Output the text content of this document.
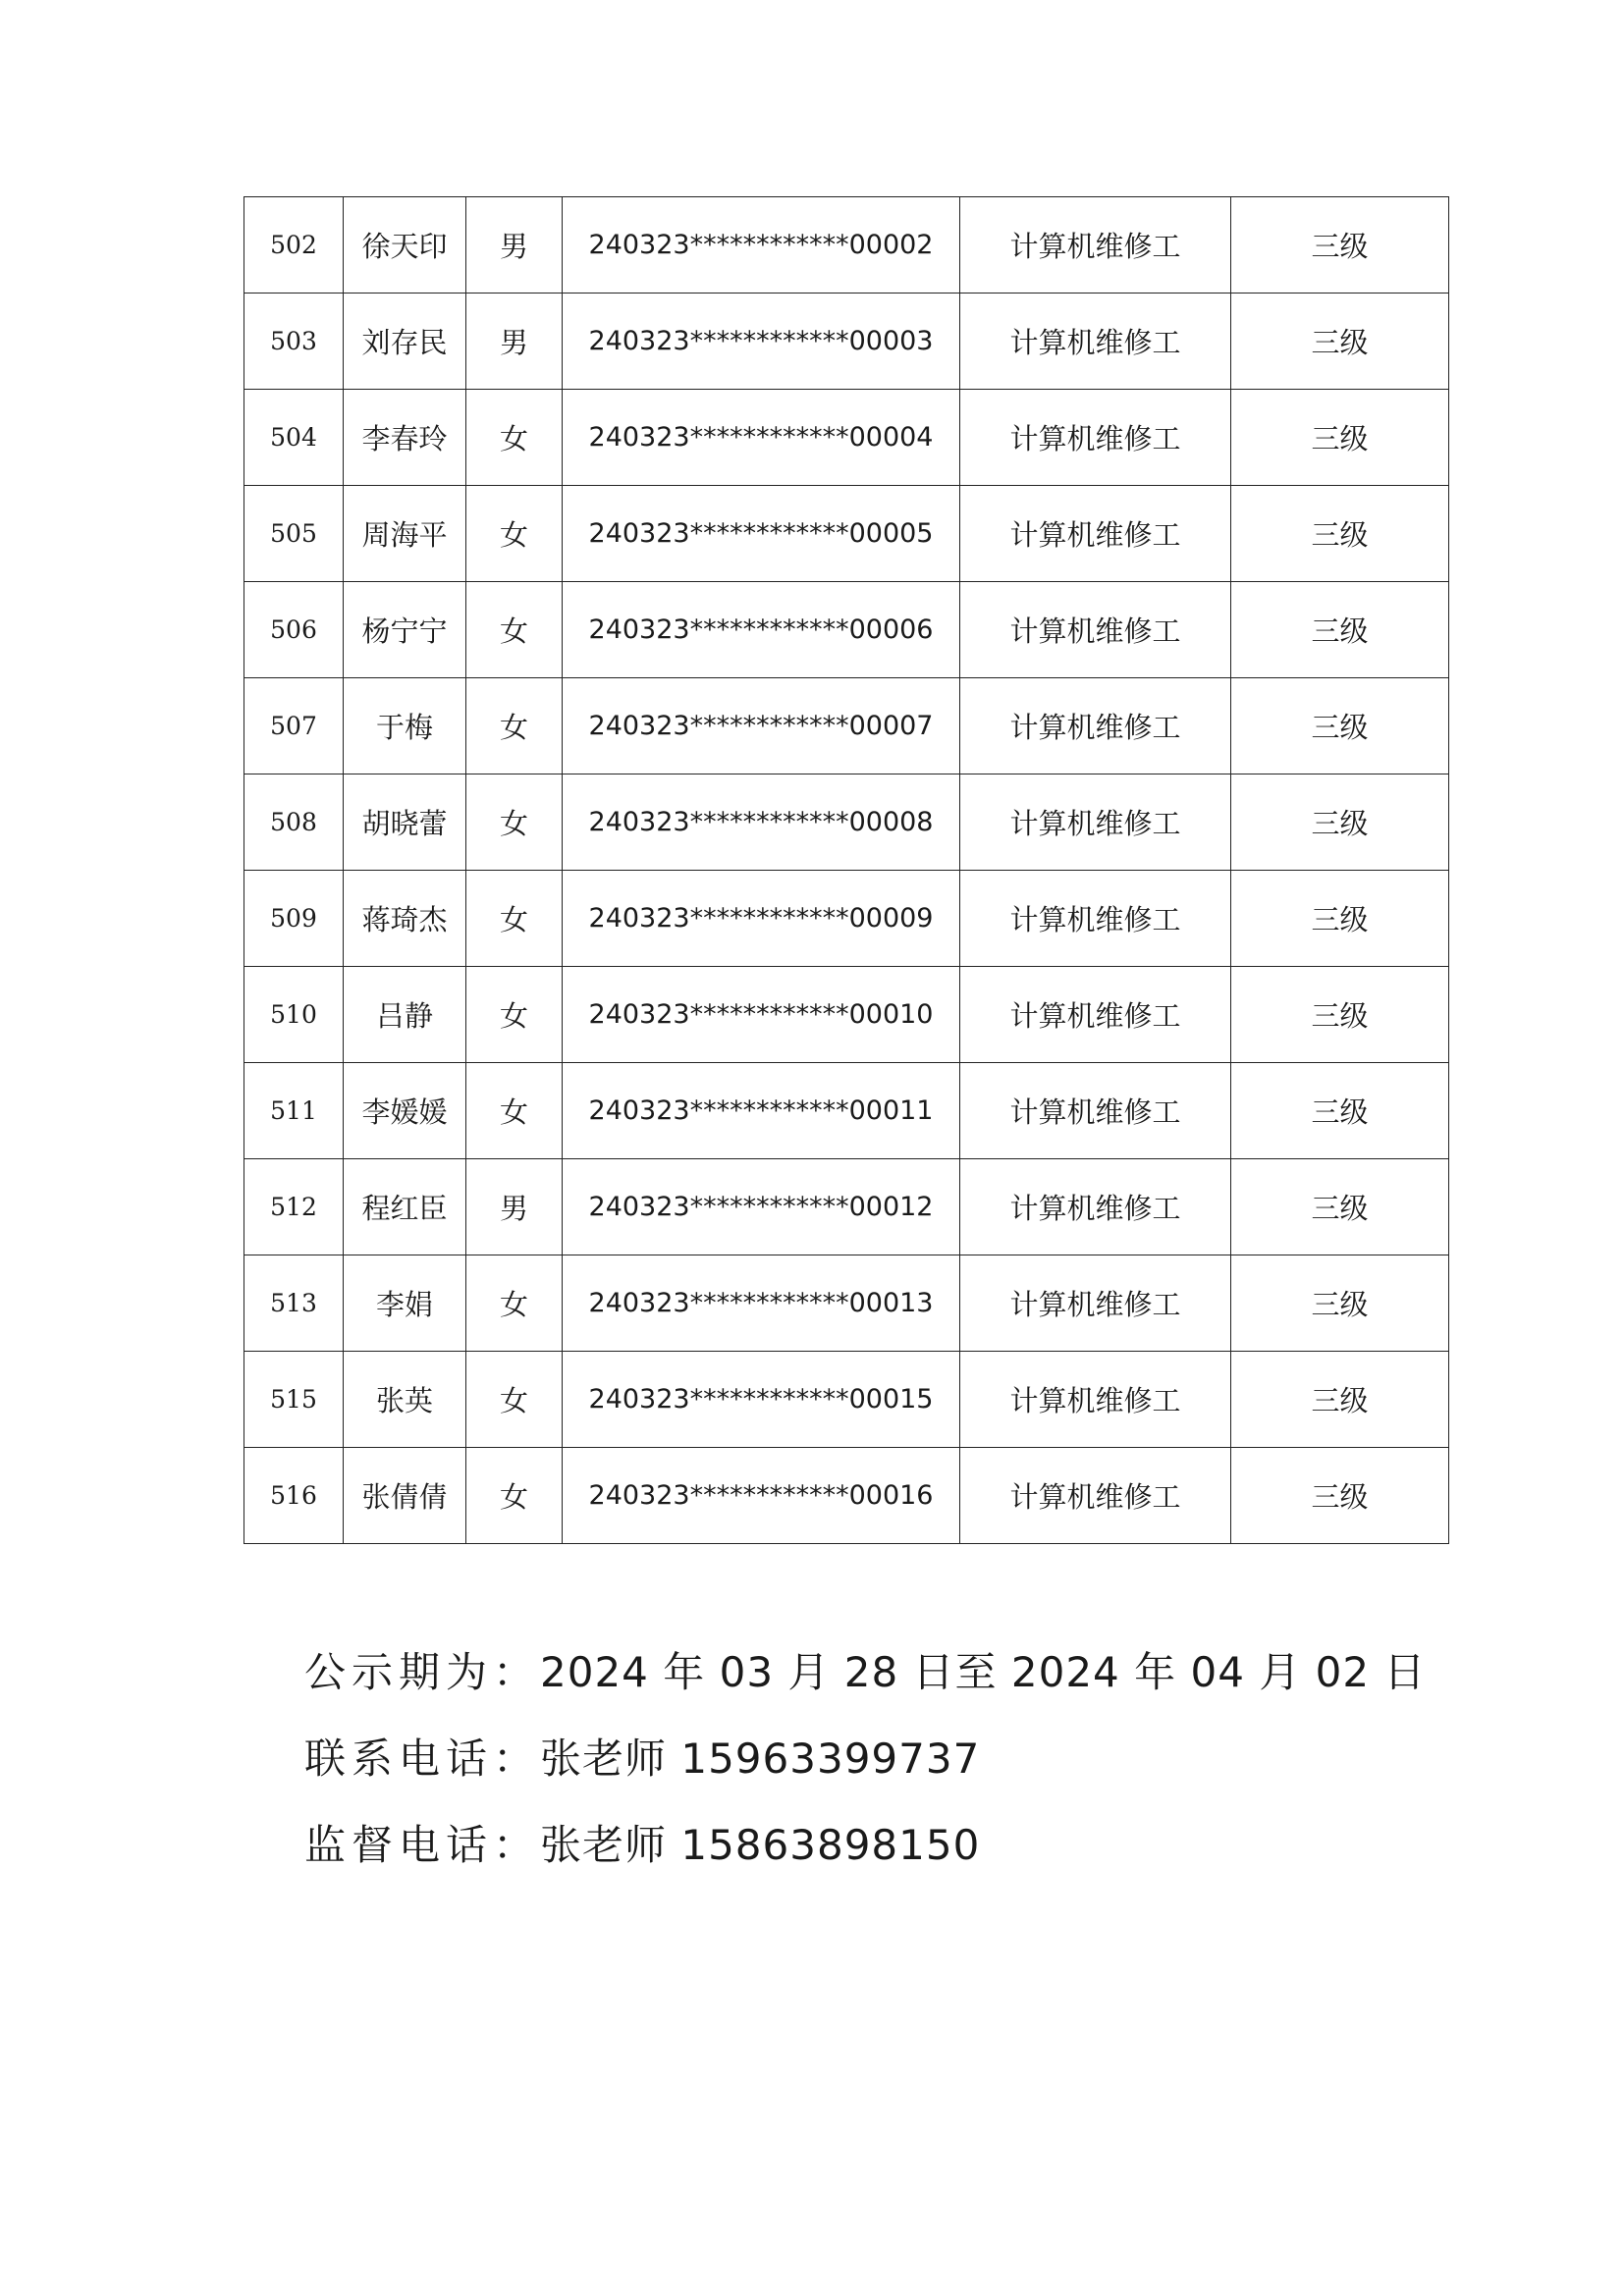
502	徐天印	男	240323************00002	计算机维修工	三级
503	刘存民	男	240323************00003	计算机维修工	三级
504	李春玲	女	240323************00004	计算机维修工	三级
505	周海平	女	240323************00005	计算机维修工	三级
506	杨宁宁	女	240323************00006	计算机维修工	三级
507	于梅	女	240323************00007	计算机维修工	三级
508	胡晓蕾	女	240323************00008	计算机维修工	三级
509	蒋琦杰	女	240323************00009	计算机维修工	三级
510	吕静	女	240323************00010	计算机维修工	三级
511	李媛媛	女	240323************00011	计算机维修工	三级
512	程红臣	男	240323************00012	计算机维修工	三级
513	李娟	女	240323************00013	计算机维修工	三级
515	张英	女	240323************00015	计算机维修工	三级
516	张倩倩	女	240323************00016	计算机维修工	三级
公示期为：2024 年 03 月 28 日至 2024 年 04 月 02 日
联系电话：张老师 15963399737
监督电话：张老师 15863898150
